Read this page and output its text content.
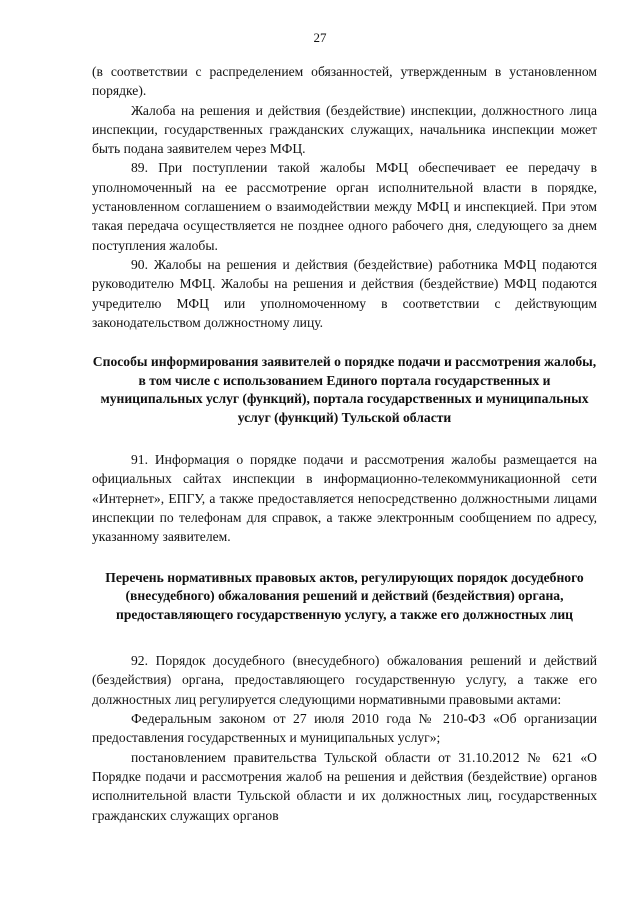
27

(в соответствии с распределением обязанностей, утвержденным в установленном порядке).

Жалоба на решения и действия (бездействие) инспекции, должностного лица инспекции, государственных гражданских служащих, начальника инспекции может быть подана заявителем через МФЦ.

89. При поступлении такой жалобы МФЦ обеспечивает ее передачу в уполномоченный на ее рассмотрение орган исполнительной власти в порядке, установленном соглашением о взаимодействии между МФЦ и инспекцией. При этом такая передача осуществляется не позднее одного рабочего дня, следующего за днем поступления жалобы.

90. Жалобы на решения и действия (бездействие) работника МФЦ подаются руководителю МФЦ. Жалобы на решения и действия (бездействие) МФЦ подаются учредителю МФЦ или уполномоченному в соответствии с действующим законодательством должностному лицу.

Способы информирования заявителей о порядке подачи и рассмотрения жалобы, в том числе с использованием Единого портала государственных и муниципальных услуг (функций), портала государственных и муниципальных услуг (функций) Тульской области

91. Информация о порядке подачи и рассмотрения жалобы размещается на официальных сайтах инспекции в информационно-телекоммуникационной сети «Интернет», ЕПГУ, а также предоставляется непосредственно должностными лицами инспекции по телефонам для справок, а также электронным сообщением по адресу, указанному заявителем.

Перечень нормативных правовых актов, регулирующих порядок досудебного (внесудебного) обжалования решений и действий (бездействия) органа, предоставляющего государственную услугу, а также его должностных лиц

92. Порядок досудебного (внесудебного) обжалования решений и действий (бездействия) органа, предоставляющего государственную услугу, а также его должностных лиц регулируется следующими нормативными правовыми актами:

Федеральным законом от 27 июля 2010 года № 210-ФЗ «Об организации предоставления государственных и муниципальных услуг»;

постановлением правительства Тульской области от 31.10.2012 № 621 «О Порядке подачи и рассмотрения жалоб на решения и действия (бездействие) органов исполнительной власти Тульской области и их должностных лиц, государственных гражданских служащих органов
